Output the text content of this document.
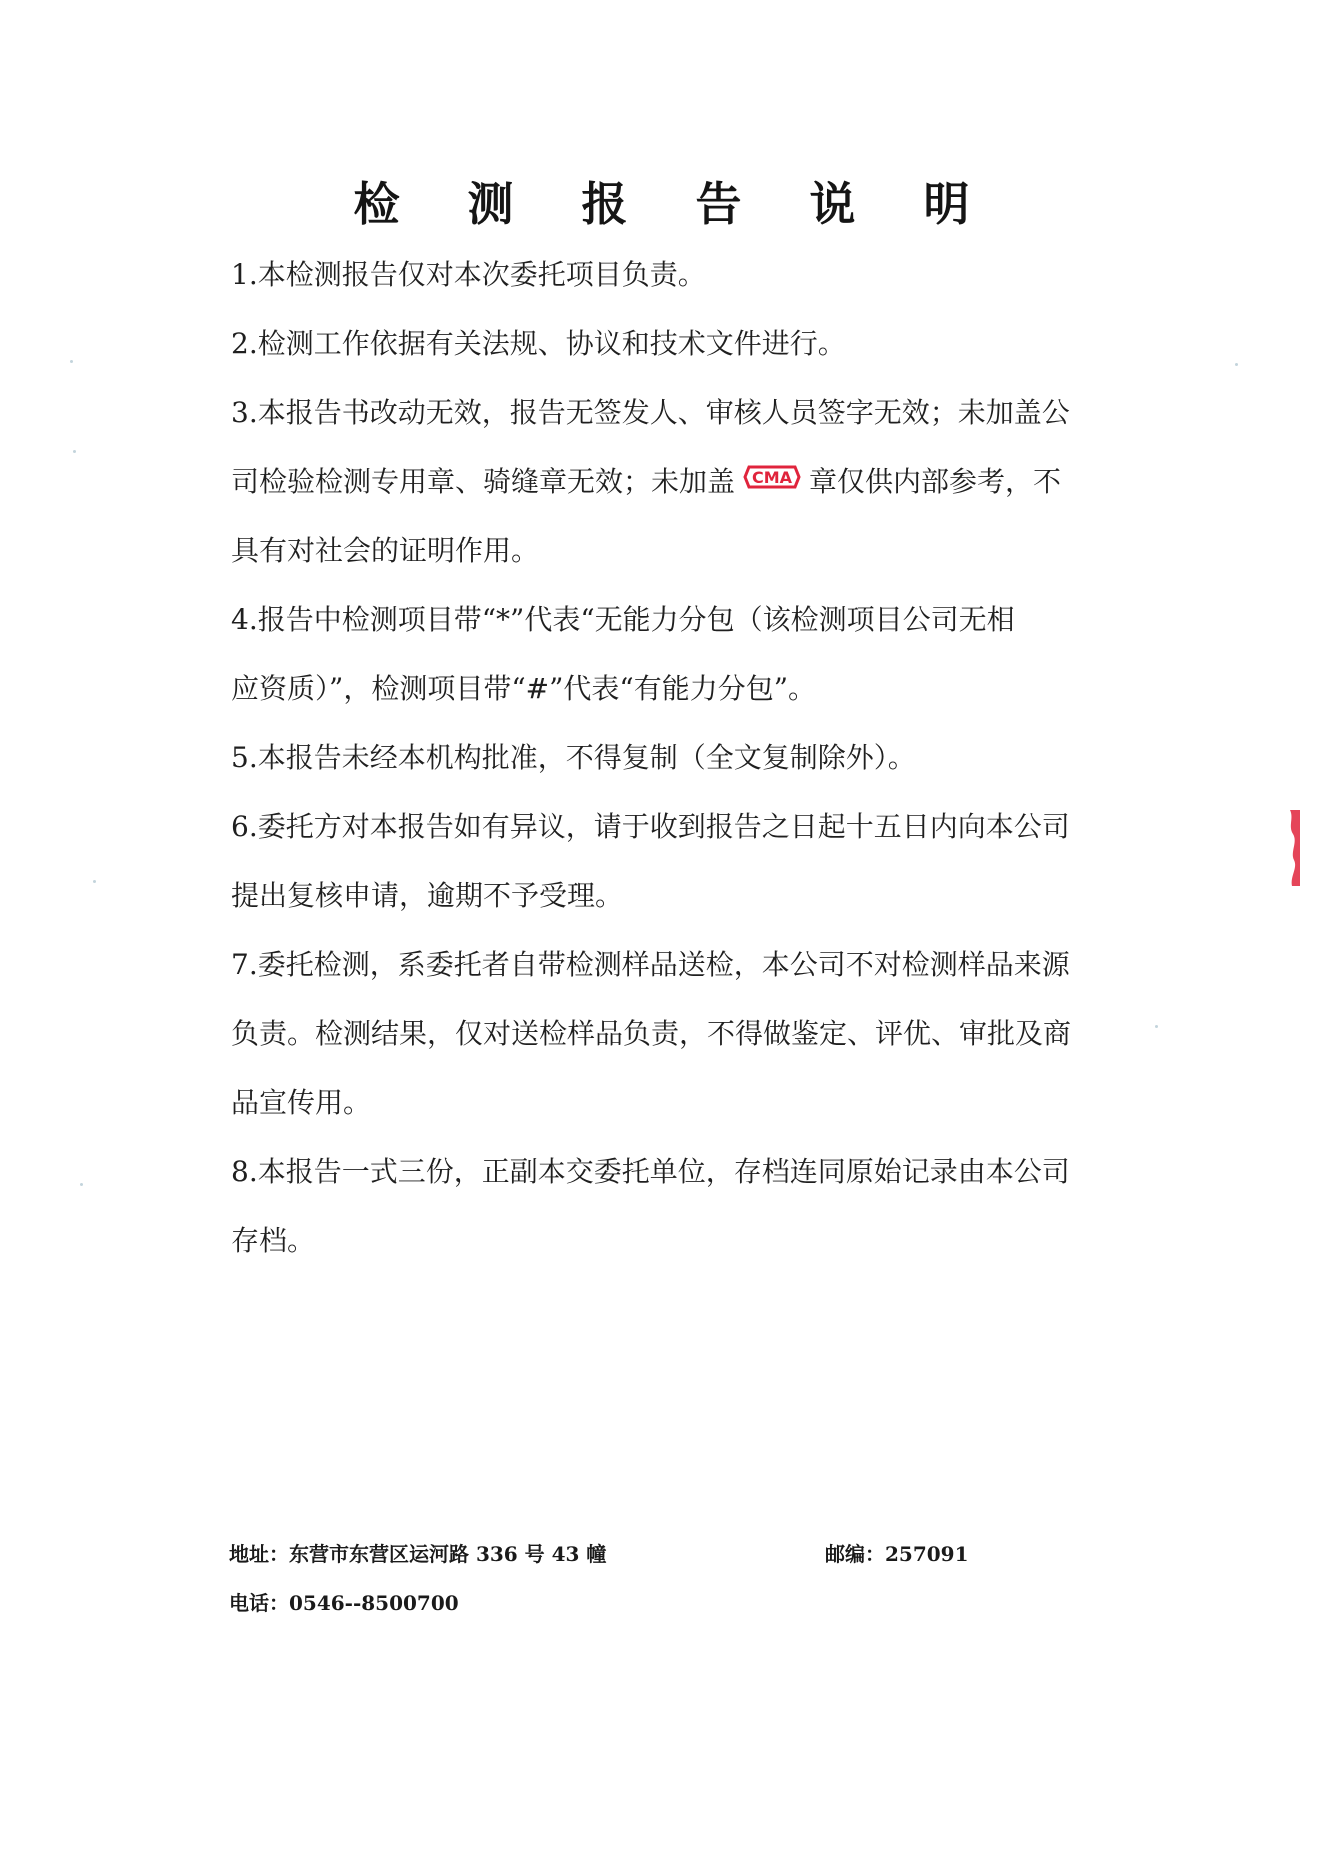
检 测 报 告 说 明
1.本检测报告仅对本次委托项目负责。
2.检测工作依据有关法规、协议和技术文件进行。
3.本报告书改动无效，报告无签发人、审核人员签字无效；未加盖公
司检验检测专用章、骑缝章无效；未加盖 CMA 章仅供内部参考，不
具有对社会的证明作用。
4.报告中检测项目带“*”代表“无能力分包（该检测项目公司无相
应资质）”，检测项目带“#”代表“有能力分包”。
5.本报告未经本机构批准，不得复制（全文复制除外）。
6.委托方对本报告如有异议，请于收到报告之日起十五日内向本公司
提出复核申请，逾期不予受理。
7.委托检测，系委托者自带检测样品送检，本公司不对检测样品来源
负责。检测结果，仅对送检样品负责，不得做鉴定、评优、审批及商
品宣传用。
8.本报告一式三份，正副本交委托单位，存档连同原始记录由本公司
存档。
地址：东营市东营区运河路 336 号 43 幢	邮编：257091
电话：0546--8500700
